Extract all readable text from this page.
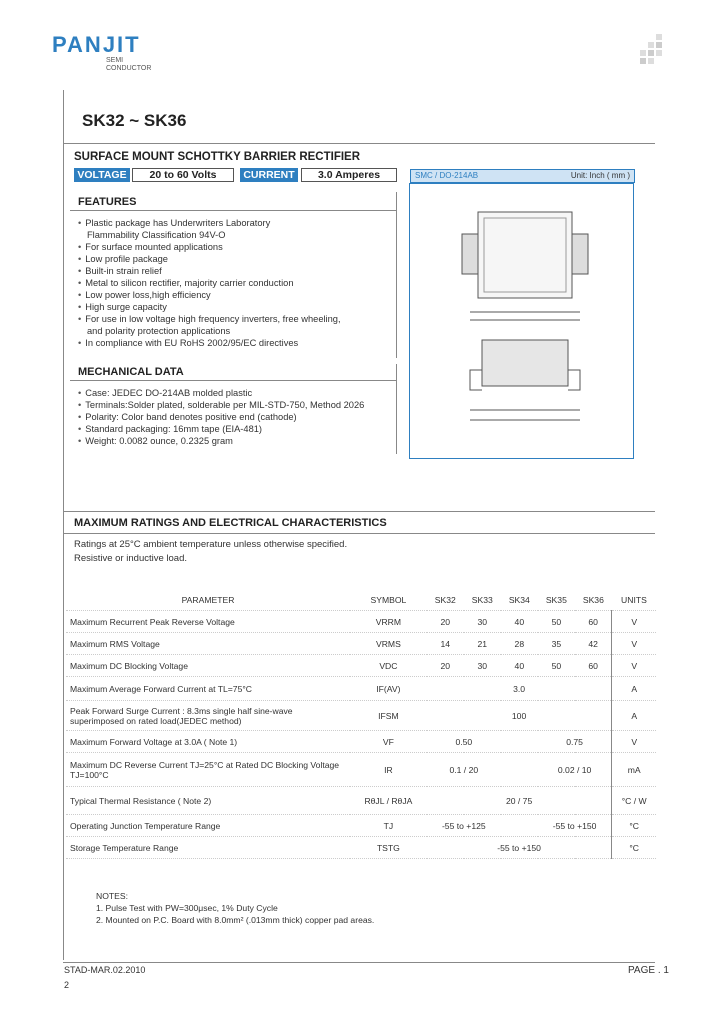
PANJIT
SEMI
CONDUCTOR
SK32 ~ SK36
SURFACE MOUNT SCHOTTKY BARRIER RECTIFIER
VOLTAGE	20 to 60 Volts	CURRENT	3.0 Amperes	SMC / DO-214AB	Unit: Inch ( mm )
FEATURES
• Plastic package has Underwriters Laboratory
Flammability Classification 94V-O
• For surface mounted applications
• Low profile package
• Built-in strain relief
• Metal to silicon rectifier, majority carrier conduction
• Low power loss,high efficiency
• High surge capacity
• For use in low voltage high frequency inverters, free wheeling,
and polarity protection applications
• In compliance with EU RoHS 2002/95/EC directives
MECHANICAL DATA
• Case: JEDEC DO-214AB molded plastic
• Terminals:Solder plated, solderable per MIL-STD-750, Method 2026
• Polarity: Color band denotes positive end (cathode)
• Standard packaging: 16mm tape (EIA-481)
• Weight: 0.0082 ounce, 0.2325 gram
MAXIMUM RATINGS AND ELECTRICAL CHARACTERISTICS
Ratings at 25°C ambient temperature unless otherwise specified.
Resistive or inductive load.
PARAMETER	SYMBOL	SK32	SK33	SK34	SK35	SK36	UNITS
Maximum Recurrent Peak Reverse Voltage	VRRM	20	30	40	50	60	V
Maximum RMS Voltage	VRMS	14	21	28	35	42	V
Maximum DC Blocking Voltage	VDC	20	30	40	50	60	V
Maximum Average Forward Current at TL=75°C	IF(AV)	3.0					A
Peak Forward Surge Current : 8.3ms single half sine-wave superimposed on rated load(JEDEC method)	IFSM	100					A
Maximum Forward Voltage at 3.0A ( Note 1)	VF	0.50			0.75		V
Maximum DC Reverse Current TJ=25°C at Rated DC Blocking Voltage TJ=100°C	IR	0.1 / 20			0.02 / 10		mA
Typical Thermal Resistance ( Note 2)	RθJL / RθJA	20 / 75					°C / W
Operating Junction Temperature Range	TJ	-55 to +125			-55 to +150		°C
Storage Temperature Range	TSTG	-55 to +150					°C
NOTES:
1. Pulse Test with PW=300μsec, 1% Duty Cycle
2. Mounted on P.C. Board with 8.0mm² (.013mm thick) copper pad areas.
STAD-MAR.02.2010
2
PAGE . 1
